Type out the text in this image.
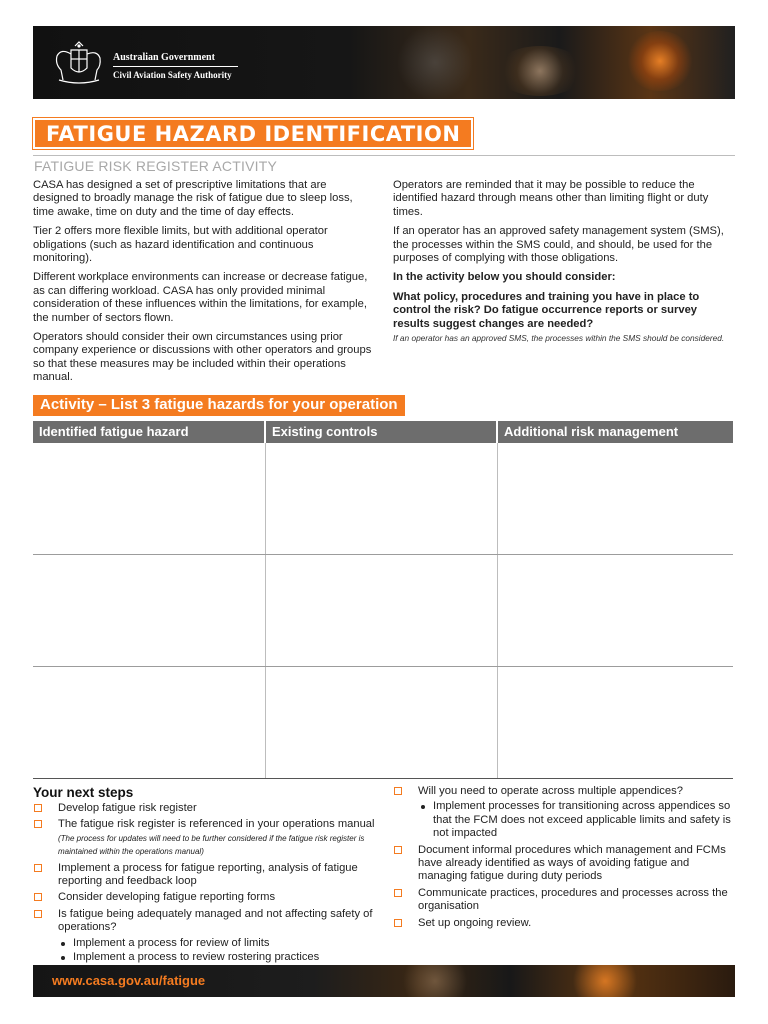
Australian Government
Civil Aviation Safety Authority
FATIGUE HAZARD IDENTIFICATION
FATIGUE RISK REGISTER ACTIVITY

CASA has designed a set of prescriptive limitations that are designed to broadly manage the risk of fatigue due to sleep loss, time awake, time on duty and the time of day effects.

Tier 2 offers more flexible limits, but with additional operator obligations (such as hazard identification and continuous monitoring).

Different workplace environments can increase or decrease fatigue, as can differing workload. CASA has only provided minimal consideration of these influences within the limitations, for example, the number of sectors flown.

Operators should consider their own circumstances using prior company experience or discussions with other operators and groups so that these measures may be included within their operations manual.

Operators are reminded that it may be possible to reduce the identified hazard through means other than limiting flight or duty times.

If an operator has an approved safety management system (SMS), the processes within the SMS could, and should, be used for the purposes of complying with those obligations.

In the activity below you should consider:

What policy, procedures and training you have in place to control the risk? Do fatigue occurrence reports or survey results suggest changes are needed?

If an operator has an approved SMS, the processes within the SMS should be considered.

Activity – List 3 fatigue hazards for your operation
Identified fatigue hazard	Existing controls	Additional risk management
Your next steps
Develop fatigue risk register
The fatigue risk register is referenced in your operations manual (The process for updates will need to be further considered if the fatigue risk register is maintained within the operations manual)
Implement a process for fatigue reporting, analysis of fatigue reporting and feedback loop
Consider developing fatigue reporting forms
Is fatigue being adequately managed and not affecting safety of operations?
Implement a process for review of limits
Implement a process to review rostering practices
Will you need to operate across multiple appendices?
Implement processes for transitioning across appendices so that the FCM does not exceed applicable limits and safety is not impacted
Document informal procedures which management and FCMs have already identified as ways of avoiding fatigue and managing fatigue during duty periods
Communicate practices, procedures and processes across the organisation
Set up ongoing review.
www.casa.gov.au/fatigue
